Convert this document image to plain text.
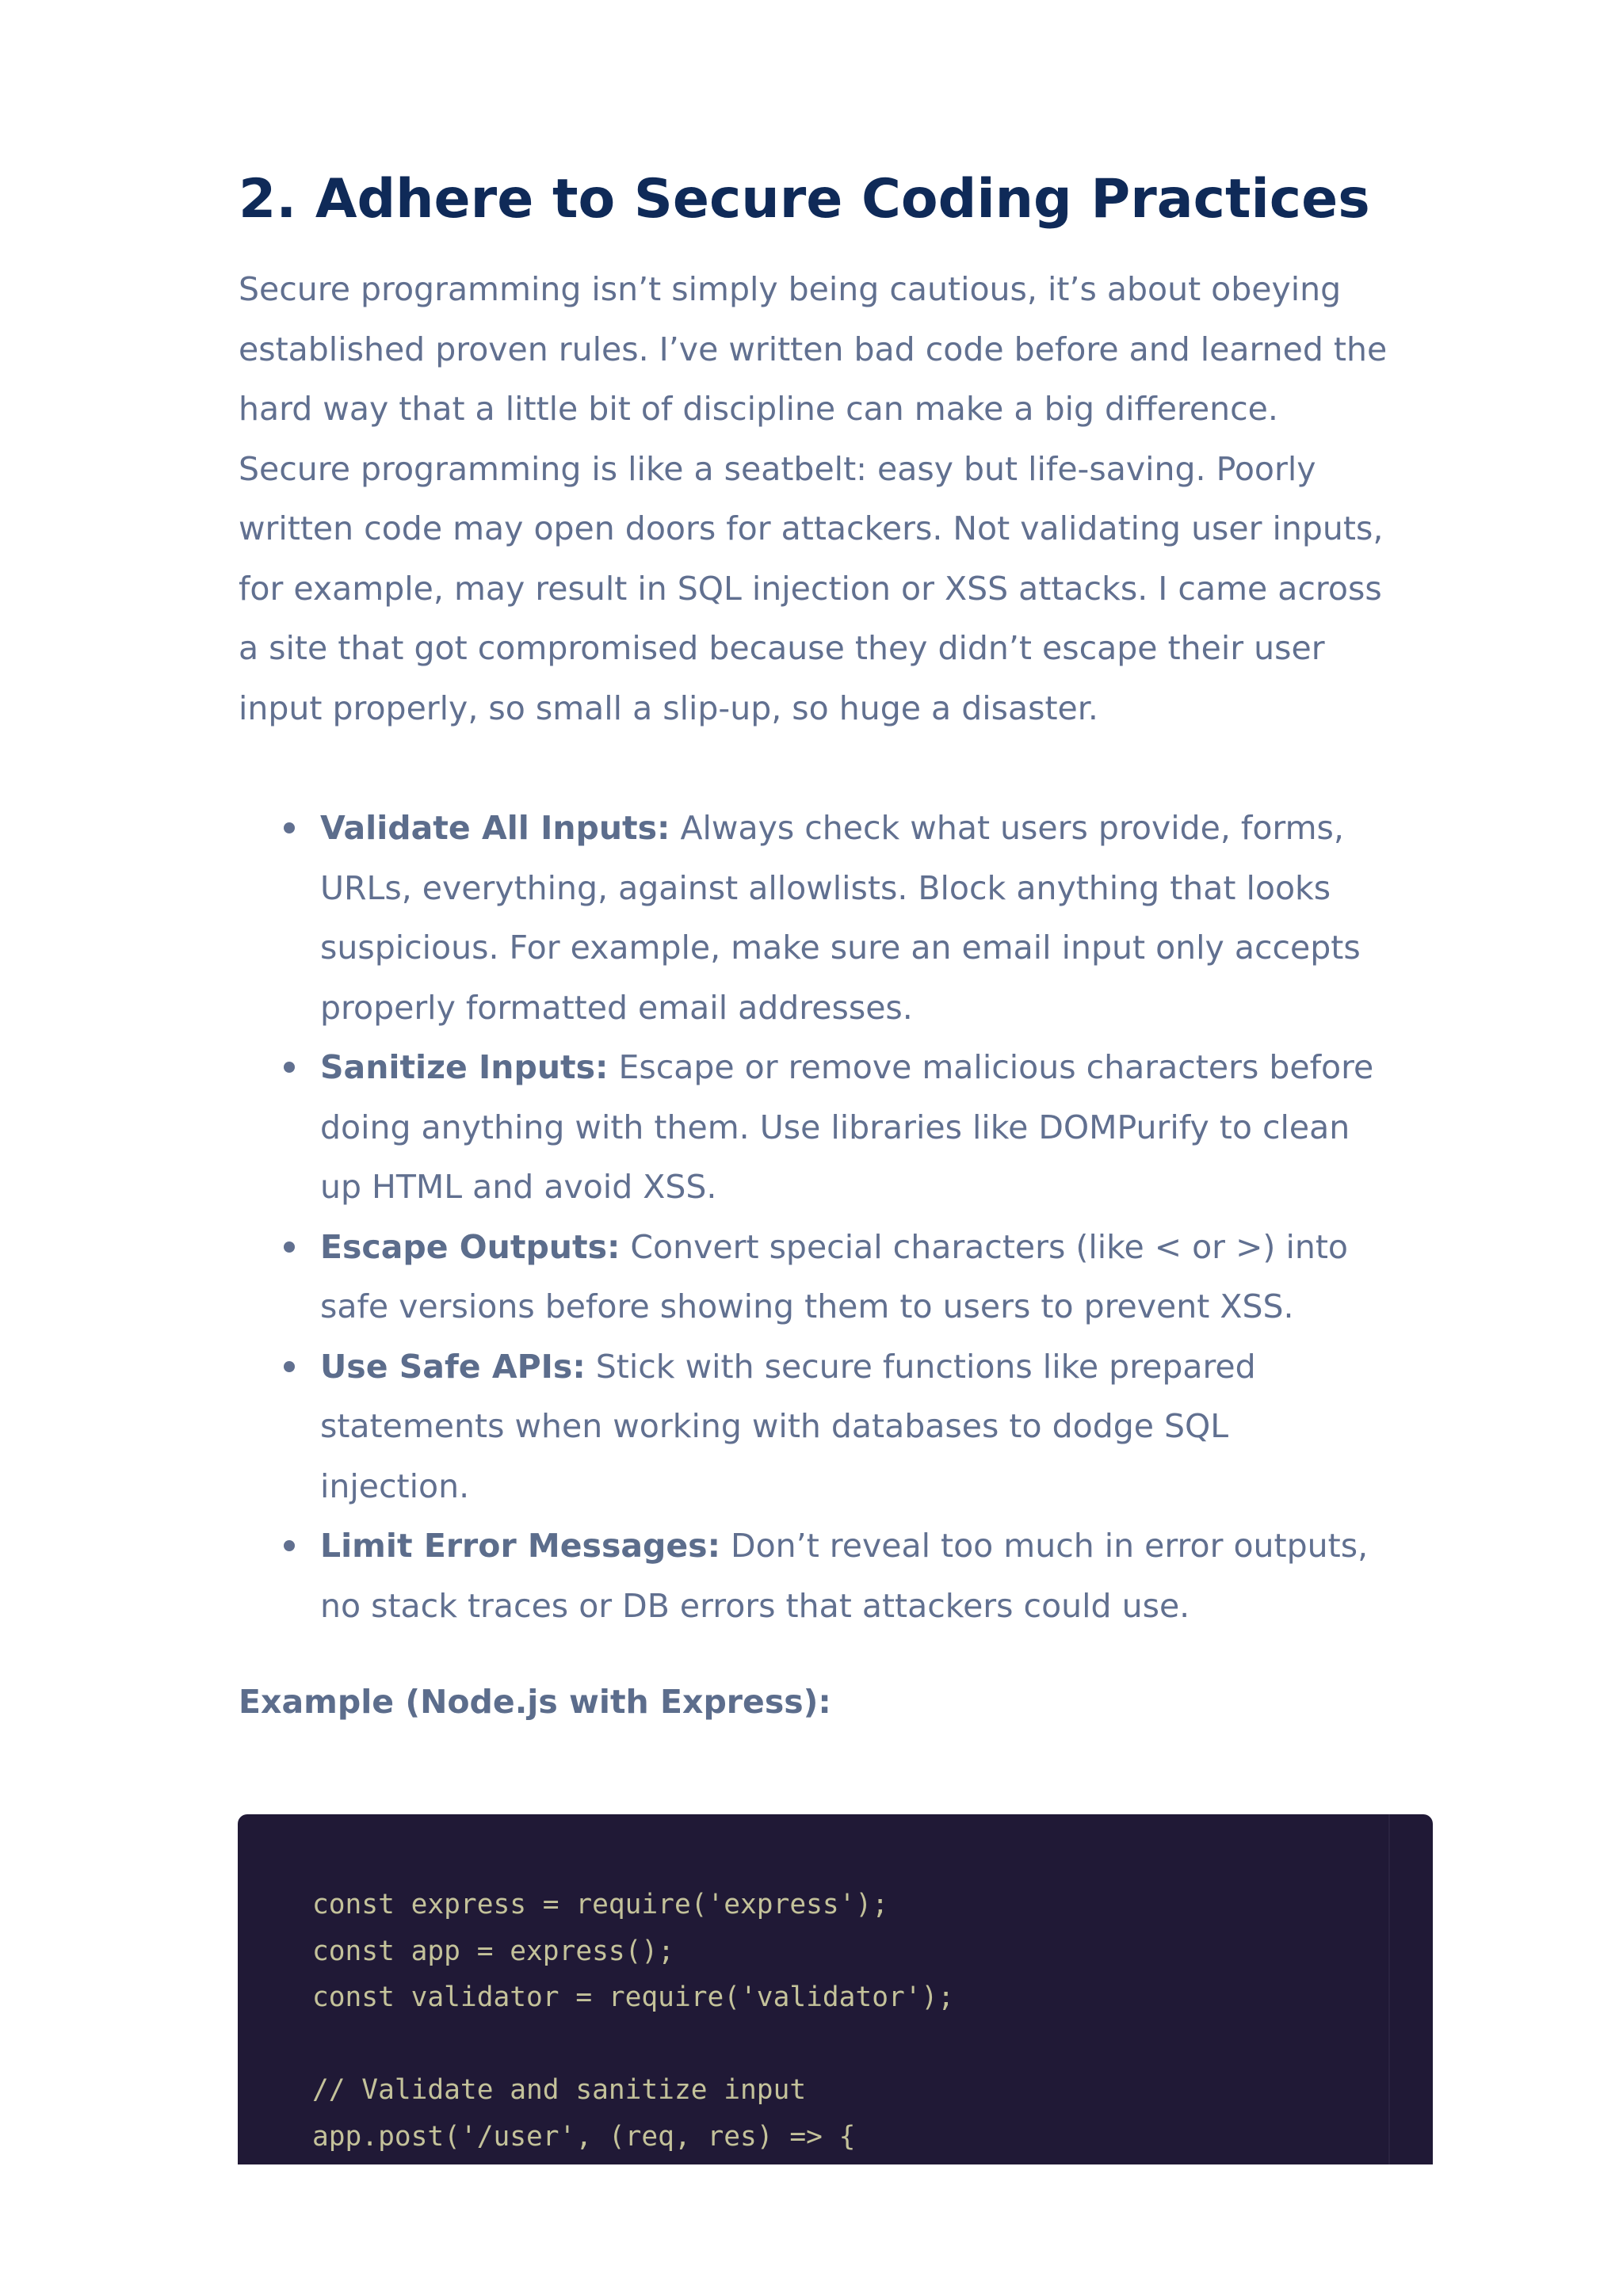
2. Adhere to Secure Coding Practices

Secure programming isn’t simply being cautious, it’s about obeying
established proven rules. I’ve written bad code before and learned the
hard way that a little bit of discipline can make a big difference.
Secure programming is like a seatbelt: easy but life-saving. Poorly
written code may open doors for attackers. Not validating user inputs,
for example, may result in SQL injection or XSS attacks. I came across
a site that got compromised because they didn’t escape their user
input properly, so small a slip-up, so huge a disaster.

Validate All Inputs: Always check what users provide, forms,
URLs, everything, against allowlists. Block anything that looks
suspicious. For example, make sure an email input only accepts
properly formatted email addresses.
Sanitize Inputs: Escape or remove malicious characters before
doing anything with them. Use libraries like DOMPurify to clean
up HTML and avoid XSS.
Escape Outputs: Convert special characters (like < or >) into
safe versions before showing them to users to prevent XSS.
Use Safe APIs: Stick with secure functions like prepared
statements when working with databases to dodge SQL
injection.
Limit Error Messages: Don’t reveal too much in error outputs,
no stack traces or DB errors that attackers could use.

Example (Node.js with Express):

const express = require('express');
const app = express();
const validator = require('validator');
// Validate and sanitize input
app.post('/user', (req, res) => {
